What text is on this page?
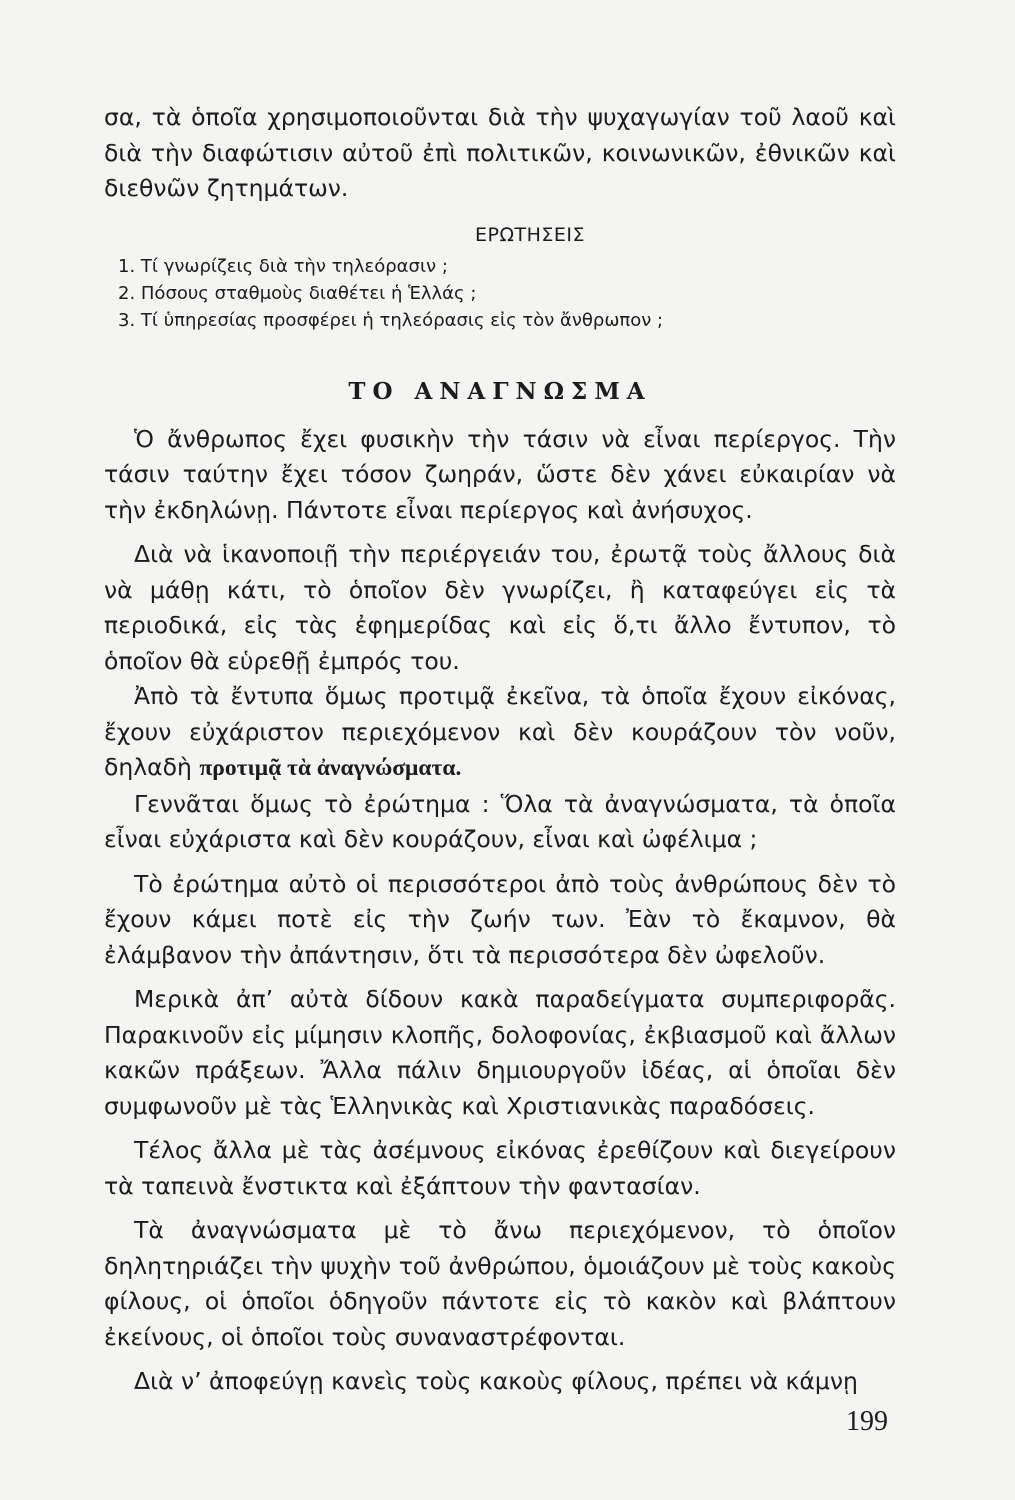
σα, τὰ ὁποῖα χρησιμοποιοῦνται διὰ τὴν ψυχαγωγίαν τοῦ λαοῦ καὶ διὰ τὴν διαφώτισιν αὐτοῦ ἐπὶ πολιτικῶν, κοινωνικῶν, ἐθνικῶν καὶ διεθνῶν ζητημάτων.

ΕΡΩΤΗΣΕΙΣ

1. Τί γνωρίζεις διὰ τὴν τηλεόρασιν ;

2. Πόσους σταθμοὺς διαθέτει ἡ Ἑλλάς ;

3. Τί ὑπηρεσίας προσφέρει ἡ τηλεόρασις εἰς τὸν ἄνθρωπον ;

ΤΟ ΑΝΑΓΝΩΣΜΑ

Ὁ ἄνθρωπος ἔχει φυσικὴν τὴν τάσιν νὰ εἶναι περίεργος. Τὴν τάσιν ταύτην ἔχει τόσον ζωηράν, ὥστε δὲν χάνει εὐκαιρίαν νὰ τὴν ἐκδηλώνῃ. Πάντοτε εἶναι περίεργος καὶ ἀνήσυχος.

Διὰ νὰ ἱκανοποιῇ τὴν περιέργειάν του, ἐρωτᾷ τοὺς ἄλλους διὰ νὰ μάθῃ κάτι, τὸ ὁποῖον δὲν γνωρίζει, ἢ καταφεύγει εἰς τὰ περιοδικά, εἰς τὰς ἐφημερίδας καὶ εἰς ὅ,τι ἄλλο ἔντυπον, τὸ ὁποῖον θὰ εὑρεθῇ ἐμπρός του.

Ἀπὸ τὰ ἔντυπα ὅμως προτιμᾷ ἐκεῖνα, τὰ ὁποῖα ἔχουν εἰκόνας, ἔχουν εὐχάριστον περιεχόμενον καὶ δὲν κουράζουν τὸν νοῦν, δηλαδὴ προτιμᾷ τὰ ἀναγνώσματα.

Γεννᾶται ὅμως τὸ ἐρώτημα : Ὅλα τὰ ἀναγνώσματα, τὰ ὁποῖα εἶναι εὐχάριστα καὶ δὲν κουράζουν, εἶναι καὶ ὠφέλιμα ;

Τὸ ἐρώτημα αὐτὸ οἱ περισσότεροι ἀπὸ τοὺς ἀνθρώπους δὲν τὸ ἔχουν κάμει ποτὲ εἰς τὴν ζωήν των. Ἐὰν τὸ ἔκαμνον, θὰ ἐλάμβανον τὴν ἀπάντησιν, ὅτι τὰ περισσότερα δὲν ὠφελοῦν.

Μερικὰ ἀπ’ αὐτὰ δίδουν κακὰ παραδείγματα συμπεριφορᾶς. Παρακινοῦν εἰς μίμησιν κλοπῆς, δολοφονίας, ἐκβιασμοῦ καὶ ἄλλων κακῶν πράξεων. Ἄλλα πάλιν δημιουργοῦν ἰδέας, αἱ ὁποῖαι δὲν συμφωνοῦν μὲ τὰς Ἑλληνικὰς καὶ Χριστιανικὰς παραδόσεις.

Τέλος ἄλλα μὲ τὰς ἀσέμνους εἰκόνας ἐρεθίζουν καὶ διεγείρουν τὰ ταπεινὰ ἔνστικτα καὶ ἐξάπτουν τὴν φαντασίαν.

Τὰ ἀναγνώσματα μὲ τὸ ἄνω περιεχόμενον, τὸ ὁποῖον δηλητηριάζει τὴν ψυχὴν τοῦ ἀνθρώπου, ὁμοιάζουν μὲ τοὺς κακοὺς φίλους, οἱ ὁποῖοι ὁδηγοῦν πάντοτε εἰς τὸ κακὸν καὶ βλάπτουν ἐκείνους, οἱ ὁποῖοι τοὺς συναναστρέφονται.

Διὰ ν’ ἀποφεύγῃ κανεὶς τοὺς κακοὺς φίλους, πρέπει νὰ κάμνῃ

199
